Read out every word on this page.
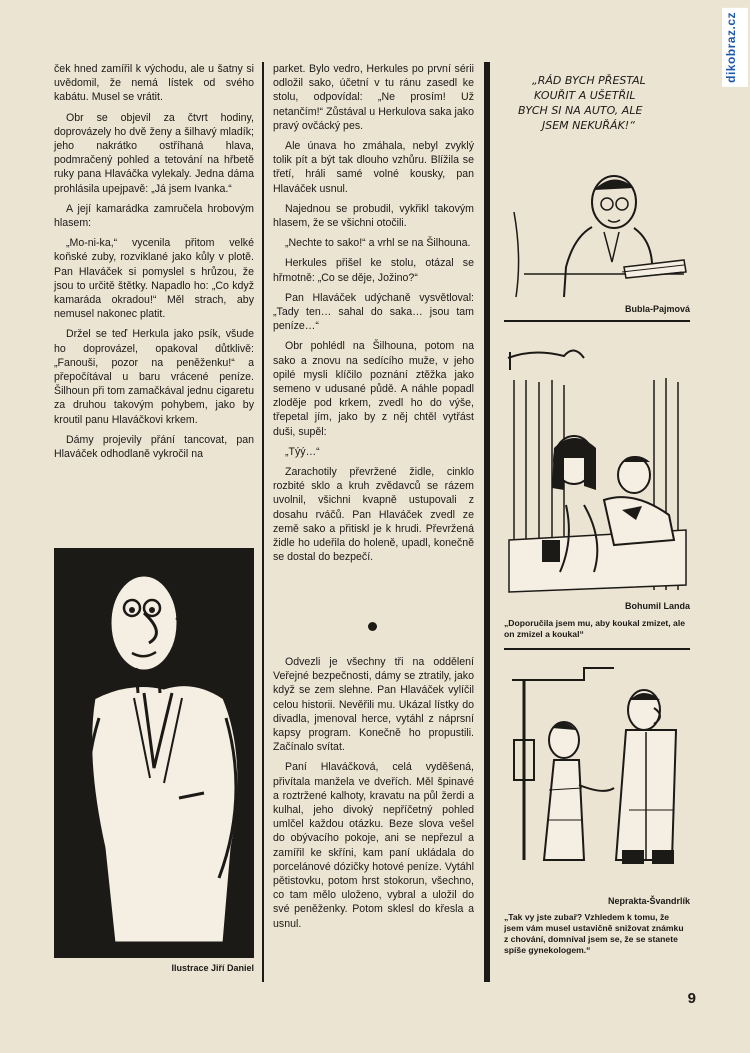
dikobraz.cz

ček hned zamířil k východu, ale u šatny si uvědomil, že nemá lístek od svého kabátu. Musel se vrátit.

Obr se objevil za čtvrt hodiny, doprovázely ho dvě ženy a šilhavý mladík; jeho nakrátko ostříhaná hlava, podmračený pohled a tetování na hřbetě ruky pana Hlaváčka vylekaly. Jedna dáma prohlásila upejpavě: „Já jsem Ivanka.“

A její kamarádka zamručela hrobovým hlasem:

„Mo-ni-ka,“ vycenila přitom velké koňské zuby, rozviklané jako kůly v plotě. Pan Hlaváček si pomyslel s hrůzou, že jsou to určitě štětky. Napadlo ho: „Co když kamaráda okradou!“ Měl strach, aby nemusel nakonec platit.

Držel se teď Herkula jako psík, všude ho doprovázel, opakoval důtklivě: „Fanouši, pozor na peněženku!“ a přepočítával u baru vrácené peníze. Šilhoun při tom zamačkával jednu cigaretu za druhou takovým pohybem, jako by kroutil panu Hlaváčkovi krkem.

Dámy projevily přání tancovat, pan Hlaváček odhodlaně vykročil na

Ilustrace Jiří Daniel

parket. Bylo vedro, Herkules po první sérii odložil sako, účetní v tu ránu zasedl ke stolu, odpovídal: „Ne prosím! Už netančím!“ Zůstával u Herkulova saka jako pravý ovčácký pes.

Ale únava ho zmáhala, nebyl zvyklý tolik pít a být tak dlouho vzhůru. Blížila se třetí, hráli samé volné kousky, pan Hlaváček usnul.

Najednou se probudil, vykřikl takovým hlasem, že se všichni otočili.

„Nechte to sako!“ a vrhl se na Šilhouna.

Herkules přišel ke stolu, otázal se hřmotně: „Co se děje, Jožino?“

Pan Hlaváček udýchaně vysvětloval: „Tady ten… sahal do saka… jsou tam peníze…“

Obr pohlédl na Šilhouna, potom na sako a znovu na sedícího muže, v jeho opilé mysli klíčilo poznání ztěžka jako semeno v udusané půdě. A náhle popadl zloděje pod krkem, zvedl ho do výše, třepetal jím, jako by z něj chtěl vytřást duši, supěl:

„Týý…“

Zarachotily převržené židle, cinklo rozbité sklo a kruh zvědavců se rázem uvolnil, všichni kvapně ustupovali z dosahu rváčů. Pan Hlaváček zvedl ze země sako a přitiskl je k hrudi. Převržená židle ho udeřila do holeně, upadl, konečně se dostal do bezpečí.

Odvezli je všechny tři na oddělení Veřejné bezpečnosti, dámy se ztratily, jako když se zem slehne. Pan Hlaváček vylíčil celou historii. Nevěřili mu. Ukázal lístky do divadla, jmenoval herce, vytáhl z náprsní kapsy program. Konečně ho propustili. Začínalo svítat.

Paní Hlaváčková, celá vyděšená, přivítala manžela ve dveřích. Měl špinavé a roztržené kalhoty, kravatu na půl žerdi a kulhal, jeho divoký nepříčetný pohled umlčel každou otázku. Beze slova vešel do obývacího pokoje, ani se nepřezul a zamířil ke skříni, kam paní ukládala do porcelánové dózičky hotové peníze. Vytáhl pětistovku, potom hrst stokorun, všechno, co tam mělo uloženo, vybral a uložil do své peněženky. Potom sklesl do křesla a usnul.

„RÁD BYCH PŘESTAL
KOUŘIT A UŠETŘIL
BYCH SI NA AUTO, ALE
JSEM NEKUŘÁK!“
Bubla-Pajmová
Bohumil Landa
„Doporučila jsem mu, aby koukal zmizet, ale on zmizel a koukal“
Neprakta-Švandrlík
„Tak vy jste zubař? Vzhledem k tomu, že jsem vám musel ustavičně snižovat známku z chování, domníval jsem se, že se stanete spíše gynekologem.“
9
